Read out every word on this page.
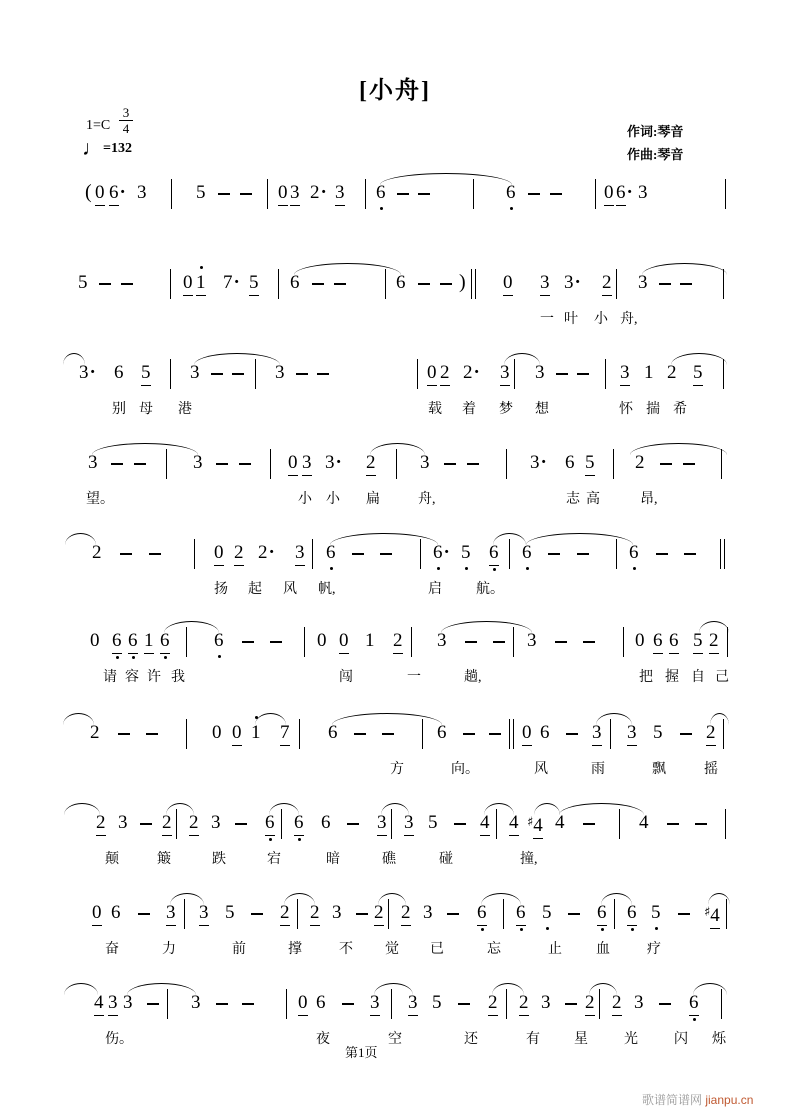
[小舟]
$1=C \frac{3}{4}$
♩=132
作词:琴音
作曲:琴音
( 0 6· 3	5	0 3 2· 3 6	6	0 6· 3
5	0 1 7· 5 6	6	) 0 3 3· 2 3
一 叶 小 舟,
3· 6 5 3	3	0 2 2· 3 3	3 1 2 5
别 母 港	载 着 梦 想	怀 揣 希
3	3	0 3 3· 2 3	3· 6 5 2
望。	小 小 扁	舟,	志 高	昂,
2	0 2 2· 3 6	6· 5 6 6	6
扬 起 风 帆,	启 航。
0 6 6 1 6 6	0 0 1 2 3	3	0 6 6 5 2
请 容 许 我	闯	一	趟,	把 握 自 己
2	0 0 1 7 6	6	0 6 3 3 5 2
方	向。	风	雨	飘	摇
2 3 2 2 3 6 6 6 3 3 5 4 4 ♯4 4	4
颠	簸	跌	宕	暗	礁	碰	撞,
0 6 3 3 5 2 2 3 2 2 3 6 6 5 6 6 5	♯4
奋	力	前	撑	不 觉 已	忘	止 血	疗
4 3 3	3	0 6 3 3 5 2 2 3 2 2 3 6
伤。	夜	空	还	有 星	光	闪 烁
第1页
歌谱简谱网 jianpu.cn
